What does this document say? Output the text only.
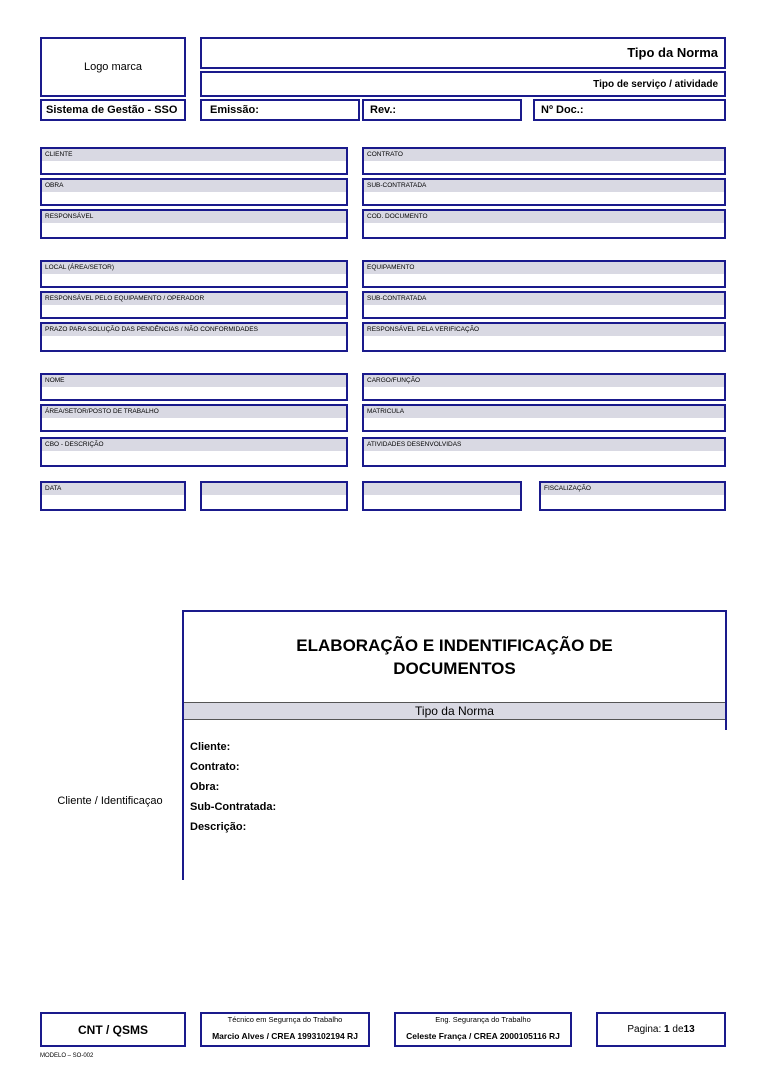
Logo marca
Tipo da Norma
Tipo de serviço / atividade
Sistema de Gestão - SSO	Emissão:	Rev.:	Nº Doc.:
CLIENTE	CONTRATO
OBRA	SUB-CONTRATADA
RESPONSÁVEL	COD. DOCUMENTO
LOCAL (ÁREA/SETOR)	EQUIPAMENTO
RESPONSÁVEL PELO EQUIPAMENTO / OPERADOR	SUB-CONTRATADA
PRAZO PARA SOLUÇÃO DAS PENDÊNCIAS / NÃO CONFORMIDADES	RESPONSÁVEL PELA VERIFICAÇÃO
NOME	CARGO/FUNÇÃO
ÁREA/SETOR/POSTO DE TRABALHO	MATRICULA
CBO - DESCRIÇÃO	ATIVIDADES DESENVOLVIDAS
DATA	FISCALIZAÇÃO
ELABORAÇÃO E INDENTIFICAÇÃO DE
DOCUMENTOS
Tipo da Norma
Cliente / Identificaçao
Cliente:
Contrato:
Obra:
Sub-Contratada:
Descrição:
CNT / QSMS
Técnico em Segurnça do Trabalho
Marcio Alves / CREA 1993102194 RJ
Eng. Segurança do Trabalho
Celeste França / CREA 2000105116 RJ
Pagina: 1 de13
MODELO – SO-002
